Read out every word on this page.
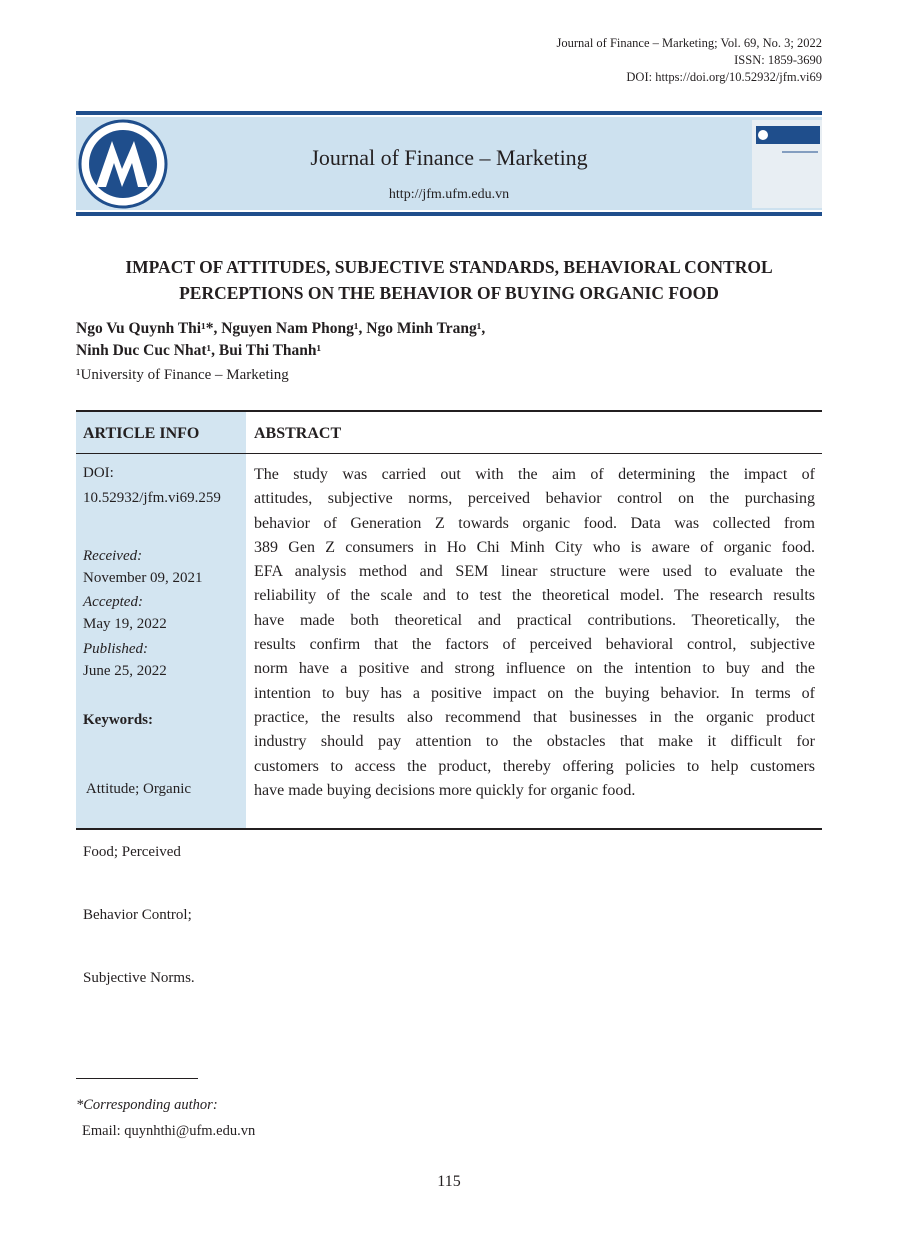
Journal of Finance – Marketing; Vol. 69, No. 3; 2022
ISSN: 1859-3690
DOI: https://doi.org/10.52932/jfm.vi69
Journal of Finance – Marketing
http://jfm.ufm.edu.vn
IMPACT OF ATTITUDES, SUBJECTIVE STANDARDS, BEHAVIORAL CONTROL
PERCEPTIONS ON THE BEHAVIOR OF BUYING ORGANIC FOOD
Ngo Vu Quynh Thi¹*, Nguyen Nam Phong¹, Ngo Minh Trang¹,
Ninh Duc Cuc Nhat¹, Bui Thi Thanh¹
¹University of Finance – Marketing
ARTICLE INFO	ABSTRACT
DOI:
10.52932/jfm.vi69.259
Received:
November 09, 2021
Accepted:
May 19, 2022
Published:
June 25, 2022
Keywords:

Attitude; Organic

Food; Perceived

Behavior Control;

Subjective Norms.

The study was carried out with the aim of determining the impact of
attitudes, subjective norms, perceived behavior control on the purchasing
behavior of Generation Z towards organic food. Data was collected from
389 Gen Z consumers in Ho Chi Minh City who is aware of organic food.
EFA analysis method and SEM linear structure were used to evaluate the
reliability of the scale and to test the theoretical model. The research results
have made both theoretical and practical contributions. Theoretically, the
results confirm that the factors of perceived behavioral control, subjective
norm have a positive and strong influence on the intention to buy and the
intention to buy has a positive impact on the buying behavior. In terms of
practice, the results also recommend that businesses in the organic product
industry should pay attention to the obstacles that make it difficult for
customers to access the product, thereby offering policies to help customers
have made buying decisions more quickly for organic food.
*Corresponding author:
Email: quynhthi@ufm.edu.vn
115
